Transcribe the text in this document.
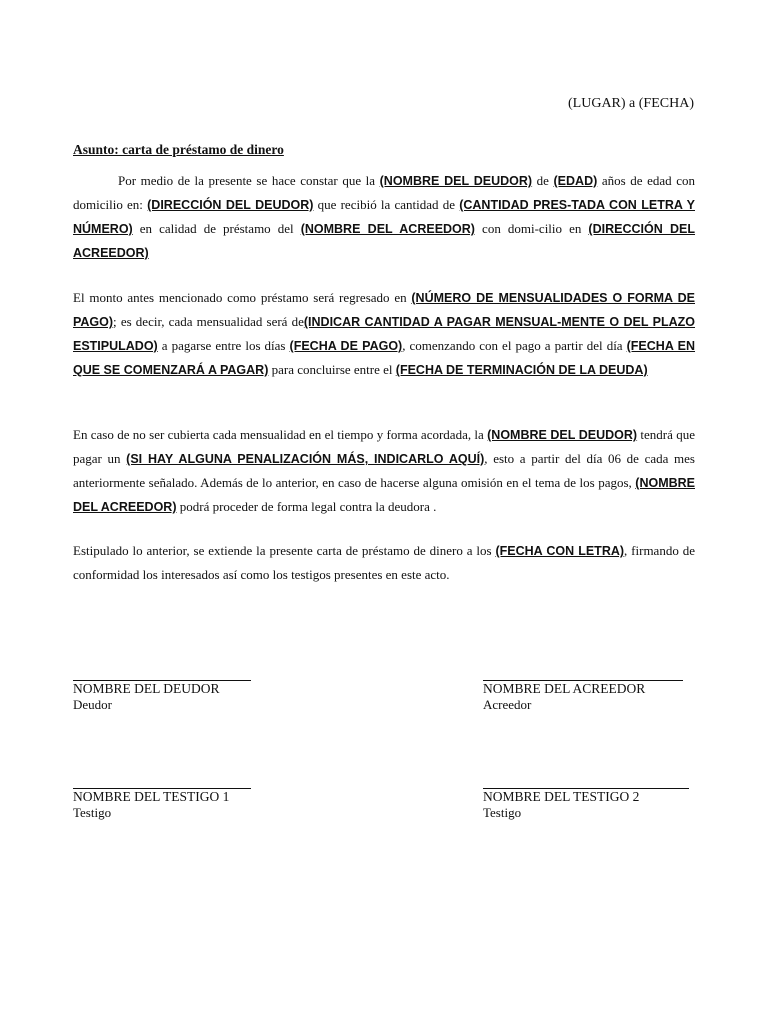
(LUGAR) a (FECHA)
Asunto: carta de préstamo de dinero
Por medio de la presente se hace constar que la (NOMBRE DEL DEUDOR) de (EDAD) años de edad con domicilio en: (DIRECCIÓN DEL DEUDOR) que recibió la cantidad de (CANTIDAD PRES-TADA CON LETRA Y NÚMERO) en calidad de préstamo del (NOMBRE DEL ACREEDOR) con domi-cilio en (DIRECCIÓN DEL ACREEDOR)
El monto antes mencionado como préstamo será regresado en (NÚMERO DE MENSUALIDADES O FORMA DE PAGO); es decir, cada mensualidad será de(INDICAR CANTIDAD A PAGAR MENSUAL-MENTE O DEL PLAZO ESTIPULADO) a pagarse entre los días (FECHA DE PAGO), comenzando con el pago a partir del día (FECHA EN QUE SE COMENZARÁ A PAGAR) para concluirse entre el (FECHA DE TERMINACIÓN DE LA DEUDA)
En caso de no ser cubierta cada mensualidad en el tiempo y forma acordada, la (NOMBRE DEL DEUDOR) tendrá que pagar un (SI HAY ALGUNA PENALIZACIÓN MÁS, INDICARLO AQUÍ), esto a partir del día 06 de cada mes anteriormente señalado. Además de lo anterior, en caso de hacerse alguna omisión en el tema de los pagos, (NOMBRE DEL ACREEDOR) podrá proceder de forma legal contra la deudora .
Estipulado lo anterior, se extiende la presente carta de préstamo de dinero a los (FECHA CON LETRA), firmando de conformidad los interesados así como los testigos presentes en este acto.
NOMBRE DEL DEUDOR
Deudor
NOMBRE DEL ACREEDOR
Acreedor
NOMBRE DEL TESTIGO 1
Testigo
NOMBRE DEL TESTIGO 2
Testigo
